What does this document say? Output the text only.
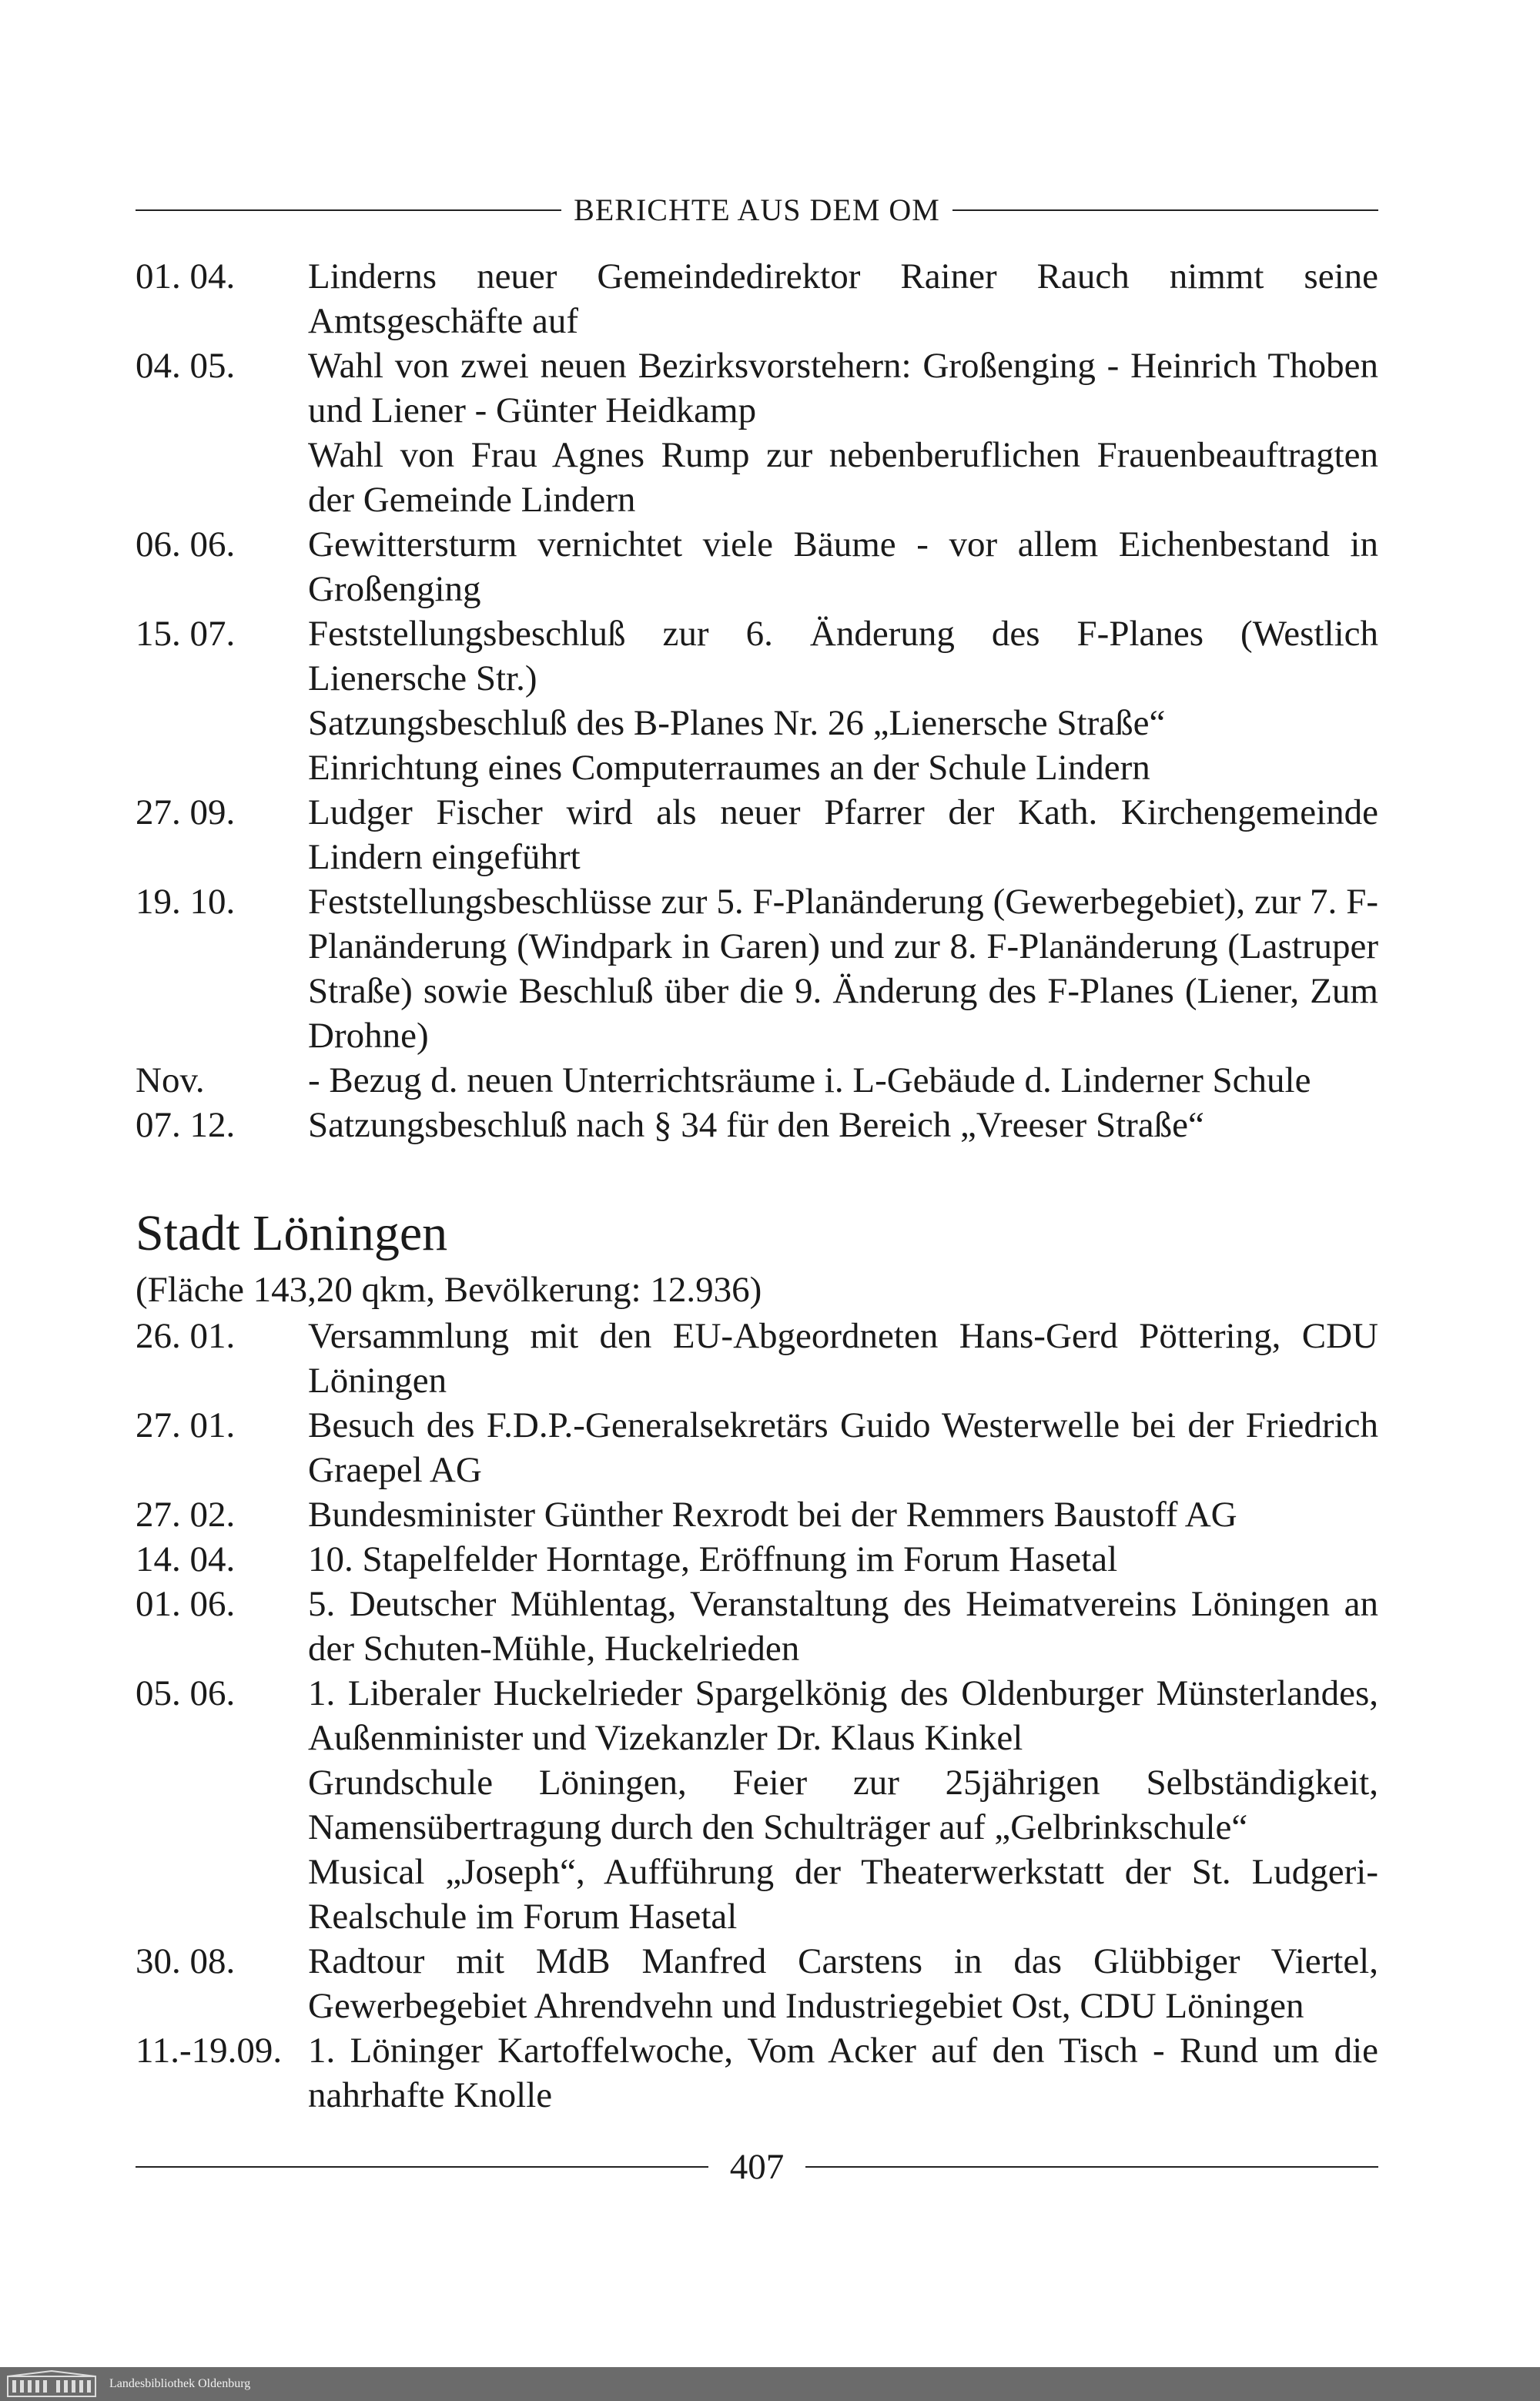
BERICHTE AUS DEM OM
01. 04.	Linderns neuer Gemeindedirektor Rainer Rauch nimmt seine Amtsgeschäfte auf
04. 05.	Wahl von zwei neuen Bezirksvorstehern: Großenging - Heinrich Thoben und Liener - Günter Heidkamp
Wahl von Frau Agnes Rump zur nebenberuflichen Frauenbeauftragten der Gemeinde Lindern
06. 06.	Gewittersturm vernichtet viele Bäume - vor allem Eichenbestand in Großenging
15. 07.	Feststellungsbeschluß zur 6. Änderung des F-Planes (Westlich Lienersche Str.)
Satzungsbeschluß des B-Planes Nr. 26 „Lienersche Straße“
Einrichtung eines Computerraumes an der Schule Lindern
27. 09.	Ludger Fischer wird als neuer Pfarrer der Kath. Kirchengemeinde Lindern eingeführt
19. 10.	Feststellungsbeschlüsse zur 5. F-Planänderung (Gewerbegebiet), zur 7. F-Planänderung (Windpark in Garen) und zur 8. F-Planänderung (Lastruper Straße) sowie Beschluß über die 9. Änderung des F-Planes (Liener, Zum Drohne)
Nov.	- Bezug d. neuen Unterrichtsräume i. L-Gebäude d. Linderner Schule
07. 12.	Satzungsbeschluß nach § 34 für den Bereich „Vreeser Straße“
Stadt Löningen
(Fläche 143,20 qkm, Bevölkerung: 12.936)
26. 01.	Versammlung mit den EU-Abgeordneten Hans-Gerd Pöttering, CDU Löningen
27. 01.	Besuch des F.D.P.-Generalsekretärs Guido Westerwelle bei der Friedrich Graepel AG
27. 02.	Bundesminister Günther Rexrodt bei der Remmers Baustoff AG
14. 04.	10. Stapelfelder Horntage, Eröffnung im Forum Hasetal
01. 06.	5. Deutscher Mühlentag, Veranstaltung des Heimatvereins Löningen an der Schuten-Mühle, Huckelrieden
05. 06.	1. Liberaler Huckelrieder Spargelkönig des Oldenburger Münsterlandes, Außenminister und Vizekanzler Dr. Klaus Kinkel
Grundschule Löningen, Feier zur 25jährigen Selbständigkeit, Namensübertragung durch den Schulträger auf „Gelbrinkschule“
Musical „Joseph“, Aufführung der Theaterwerkstatt der St. Ludgeri-Realschule im Forum Hasetal
30. 08.	Radtour mit MdB Manfred Carstens in das Glübbiger Viertel, Gewerbegebiet Ahrendvehn und Industriegebiet Ost, CDU Löningen
11.-19.09. 1. Löninger Kartoffelwoche, Vom Acker auf den Tisch - Rund um die nahrhafte Knolle
407
Landesbibliothek Oldenburg
